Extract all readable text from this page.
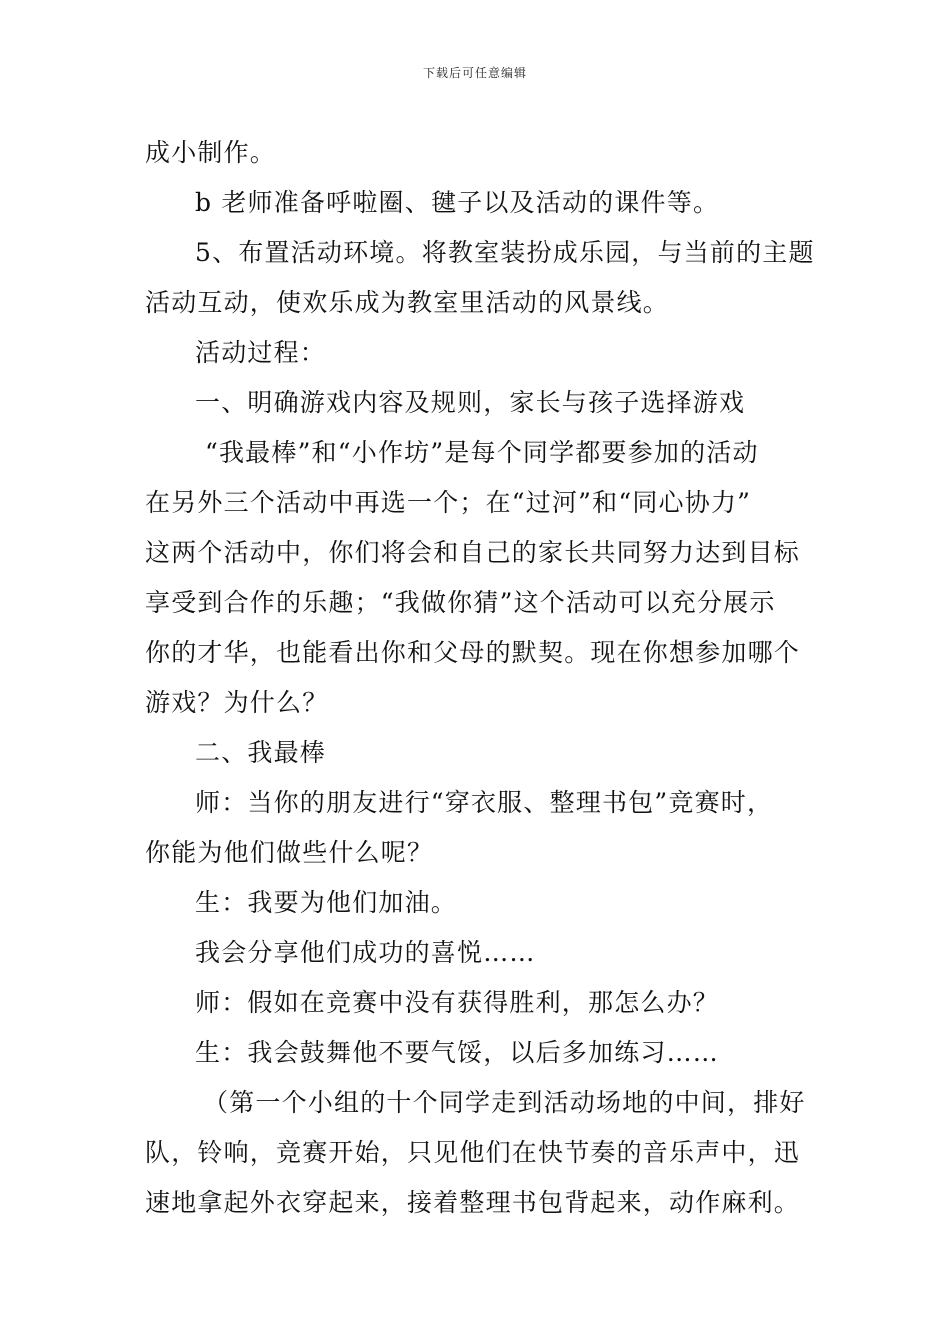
下载后可任意编辑
成小制作。
b 老师准备呼啦圈、毽子以及活动的课件等。
5、布置活动环境。将教室装扮成乐园，与当前的主题
活动互动，使欢乐成为教室里活动的风景线。
活动过程：
一、明确游戏内容及规则，家长与孩子选择游戏
“我最棒”和“小作坊”是每个同学都要参加的活动
在另外三个活动中再选一个；在“过河”和“同心协力”
这两个活动中，你们将会和自己的家长共同努力达到目标
享受到合作的乐趣；“我做你猜”这个活动可以充分展示
你的才华，也能看出你和父母的默契。现在你想参加哪个
游戏？为什么？
二、我最棒
师：当你的朋友进行“穿衣服、整理书包”竞赛时，
你能为他们做些什么呢？
生：我要为他们加油。
我会分享他们成功的喜悦……
师：假如在竞赛中没有获得胜利，那怎么办？
生：我会鼓舞他不要气馁，以后多加练习……
（第一个小组的十个同学走到活动场地的中间，排好
队，铃响，竞赛开始，只见他们在快节奏的音乐声中，迅
速地拿起外衣穿起来，接着整理书包背起来，动作麻利。
